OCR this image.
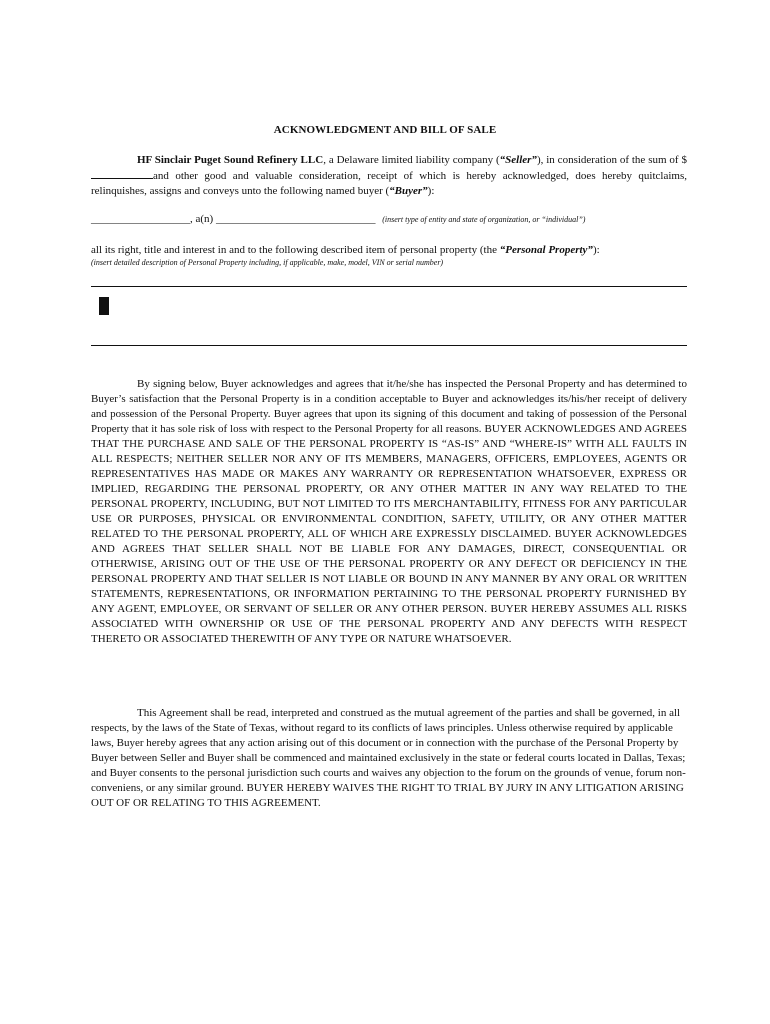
ACKNOWLEDGMENT AND BILL OF SALE
HF Sinclair Puget Sound Refinery LLC, a Delaware limited liability company (“Seller”), in consideration of the sum of $and other good and valuable consideration, receipt of which is hereby acknowledged, does hereby quitclaims, relinquishes, assigns and conveys unto the following named buyer (“Buyer”):
__________________, a(n) _____________________________ (insert type of entity and state of organization, or “individual”)
all its right, title and interest in and to the following described item of personal property (the “Personal Property”):
(insert detailed description of Personal Property including, if applicable, make, model, VIN or serial number)
By signing below, Buyer acknowledges and agrees that it/he/she has inspected the Personal Property and has determined to Buyer’s satisfaction that the Personal Property is in a condition acceptable to Buyer and acknowledges its/his/her receipt of delivery and possession of the Personal Property. Buyer agrees that upon its signing of this document and taking of possession of the Personal Property that it has sole risk of loss with respect to the Personal Property for all reasons. BUYER ACKNOWLEDGES AND AGREES THAT THE PURCHASE AND SALE OF THE PERSONAL PROPERTY IS “AS-IS” AND “WHERE-IS” WITH ALL FAULTS IN ALL RESPECTS; NEITHER SELLER NOR ANY OF ITS MEMBERS, MANAGERS, OFFICERS, EMPLOYEES, AGENTS OR REPRESENTATIVES HAS MADE OR MAKES ANY WARRANTY OR REPRESENTATION WHATSOEVER, EXPRESS OR IMPLIED, REGARDING THE PERSONAL PROPERTY, OR ANY OTHER MATTER IN ANY WAY RELATED TO THE PERSONAL PROPERTY, INCLUDING, BUT NOT LIMITED TO ITS MERCHANTABILITY, FITNESS FOR ANY PARTICULAR USE OR PURPOSES, PHYSICAL OR ENVIRONMENTAL CONDITION, SAFETY, UTILITY, OR ANY OTHER MATTER RELATED TO THE PERSONAL PROPERTY, ALL OF WHICH ARE EXPRESSLY DISCLAIMED. BUYER ACKNOWLEDGES AND AGREES THAT SELLER SHALL NOT BE LIABLE FOR ANY DAMAGES, DIRECT, CONSEQUENTIAL OR OTHERWISE, ARISING OUT OF THE USE OF THE PERSONAL PROPERTY OR ANY DEFECT OR DEFICIENCY IN THE PERSONAL PROPERTY AND THAT SELLER IS NOT LIABLE OR BOUND IN ANY MANNER BY ANY ORAL OR WRITTEN STATEMENTS, REPRESENTATIONS, OR INFORMATION PERTAINING TO THE PERSONAL PROPERTY FURNISHED BY ANY AGENT, EMPLOYEE, OR SERVANT OF SELLER OR ANY OTHER PERSON. BUYER HEREBY ASSUMES ALL RISKS ASSOCIATED WITH OWNERSHIP OR USE OF THE PERSONAL PROPERTY AND ANY DEFECTS WITH RESPECT THERETO OR ASSOCIATED THEREWITH OF ANY TYPE OR NATURE WHATSOEVER.
This Agreement shall be read, interpreted and construed as the mutual agreement of the parties and shall be governed, in all respects, by the laws of the State of Texas, without regard to its conflicts of laws principles. Unless otherwise required by applicable laws, Buyer hereby agrees that any action arising out of this document or in connection with the purchase of the Personal Property by Buyer between Seller and Buyer shall be commenced and maintained exclusively in the state or federal courts located in Dallas, Texas; and Buyer consents to the personal jurisdiction such courts and waives any objection to the forum on the grounds of venue, forum non-conveniens, or any similar ground. BUYER HEREBY WAIVES THE RIGHT TO TRIAL BY JURY IN ANY LITIGATION ARISING OUT OF OR RELATING TO THIS AGREEMENT.
